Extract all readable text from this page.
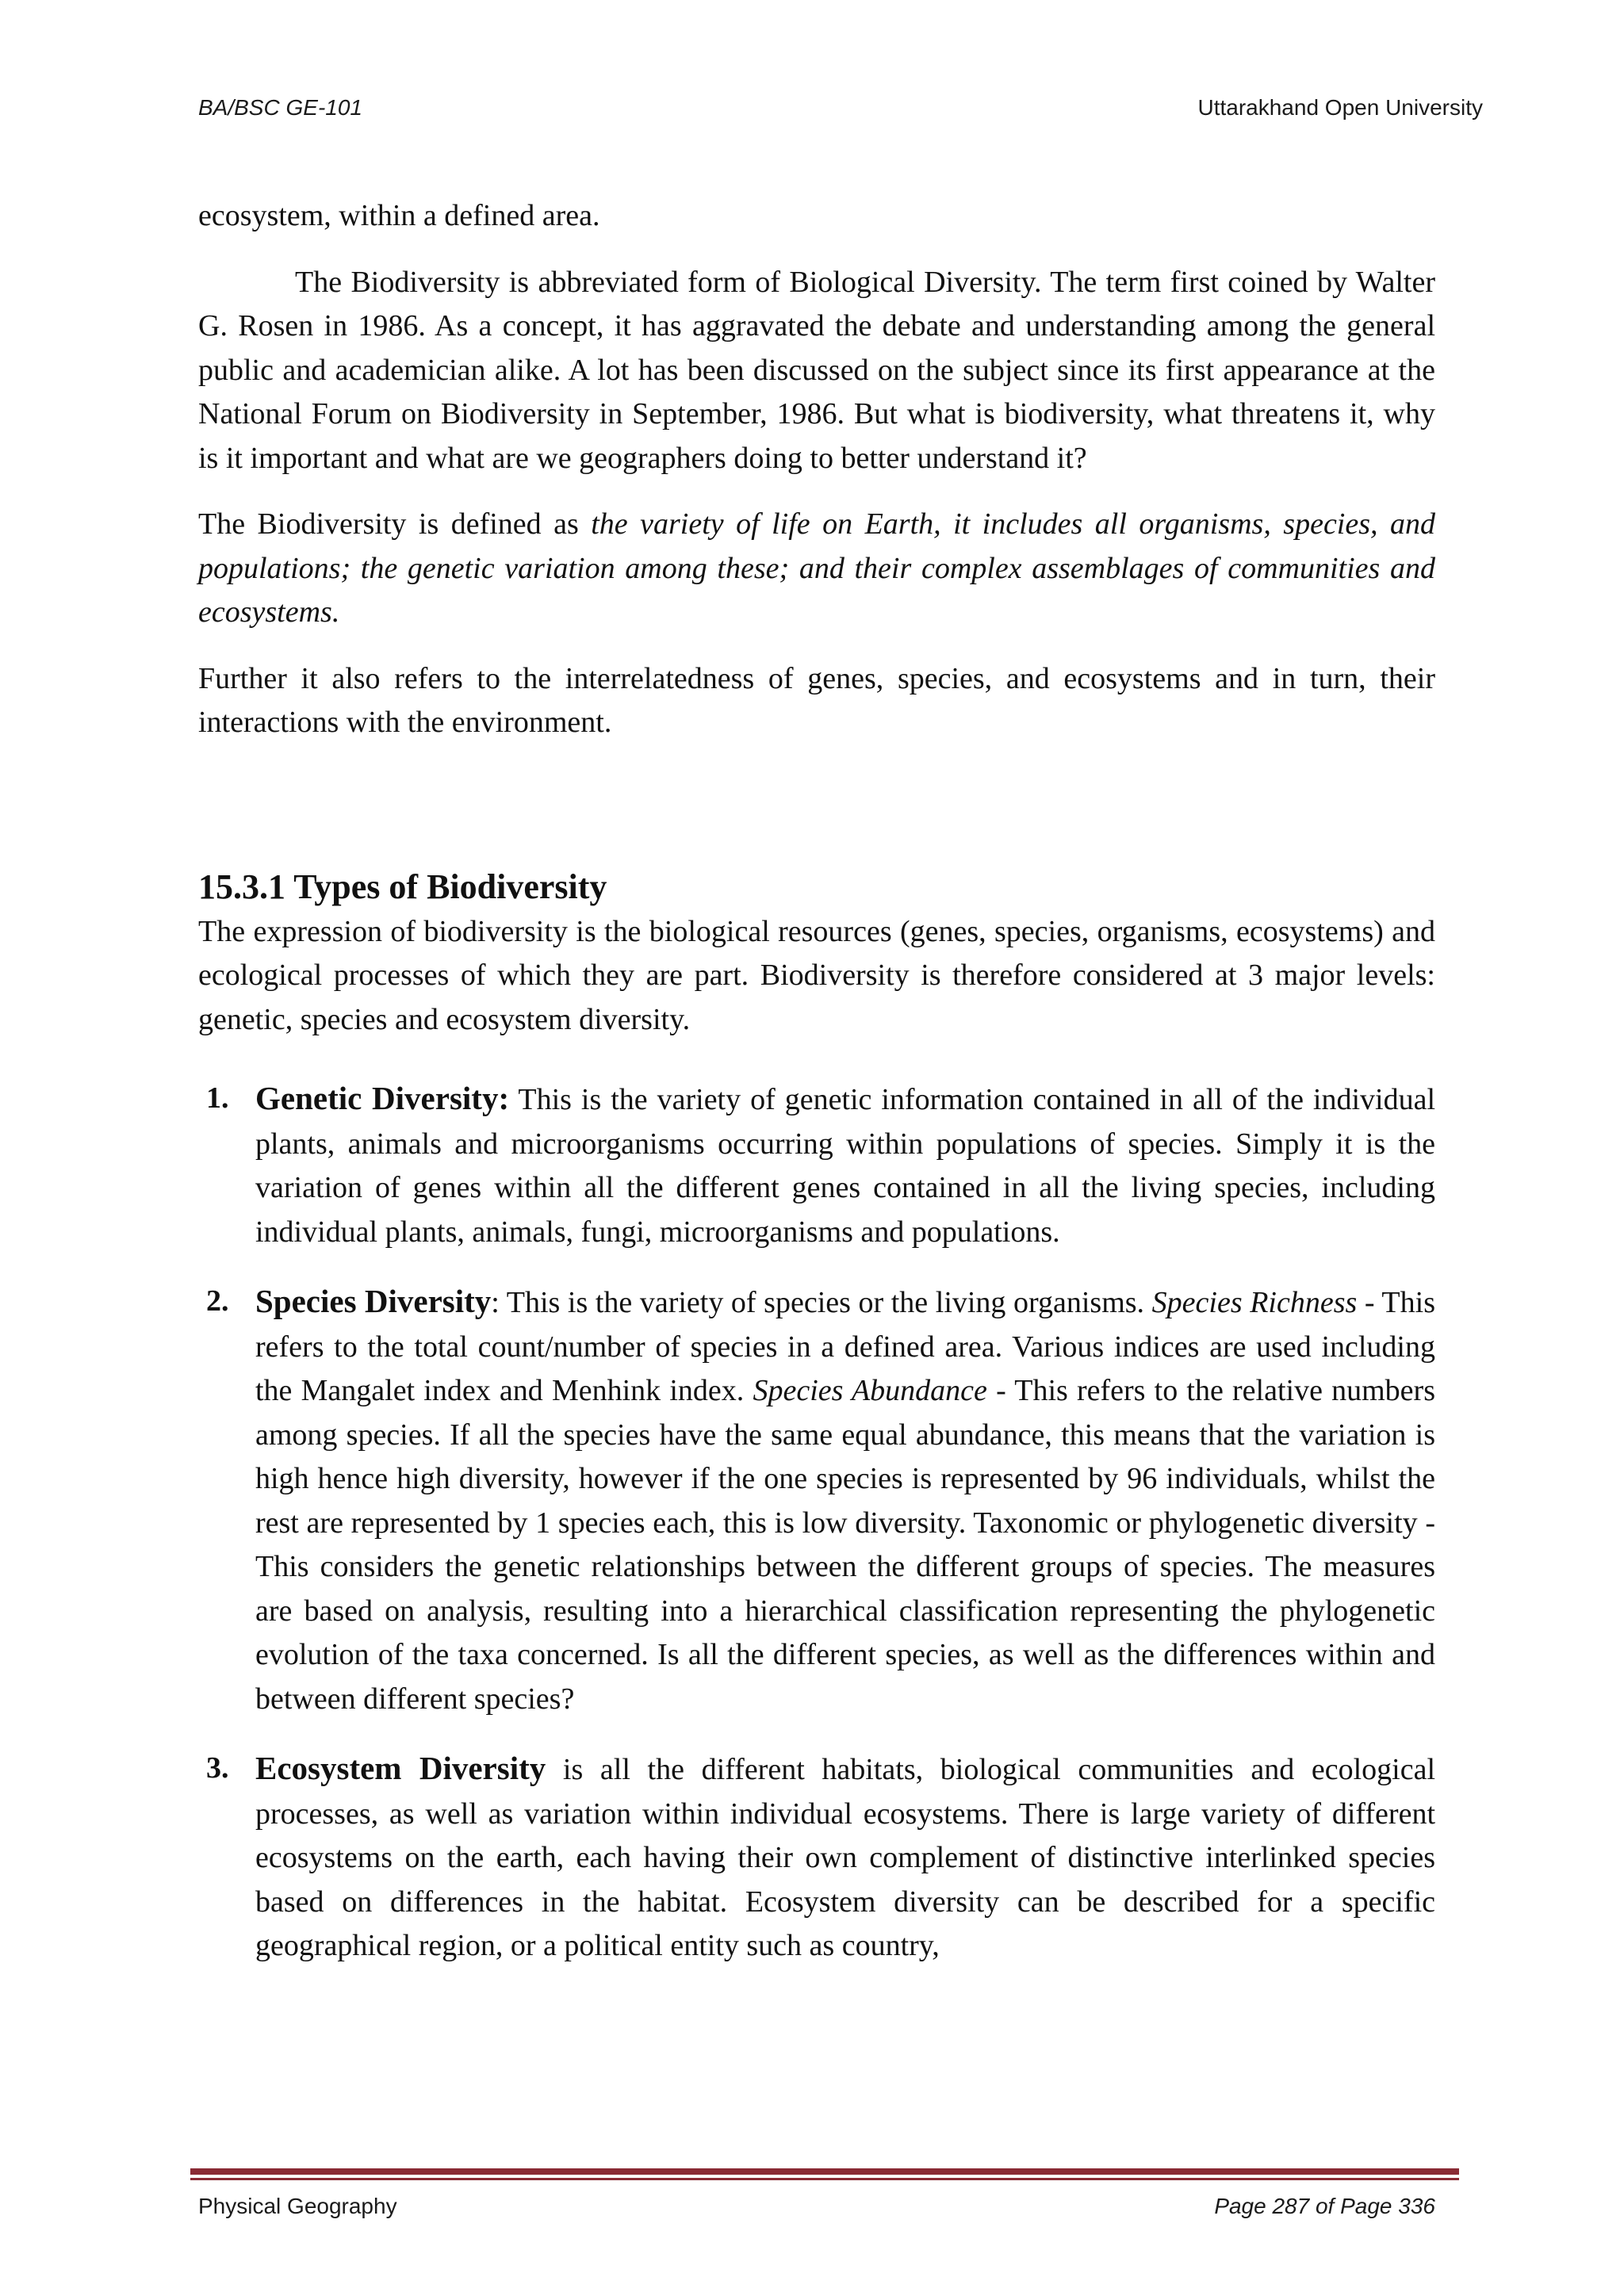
BA/BSC GE-101	Uttarakhand Open University

ecosystem, within a defined area.

The Biodiversity is abbreviated form of Biological Diversity. The term first coined by Walter G. Rosen in 1986. As a concept, it has aggravated the debate and understanding among the general public and academician alike. A lot has been discussed on the subject since its first appearance at the National Forum on Biodiversity in September, 1986. But what is biodiversity, what threatens it, why is it important and what are we geographers doing to better understand it?

The Biodiversity is defined as the variety of life on Earth, it includes all organisms, species, and populations; the genetic variation among these; and their complex assemblages of communities and ecosystems.

Further it also refers to the interrelatedness of genes, species, and ecosystems and in turn, their interactions with the environment.

15.3.1 Types of Biodiversity

The expression of biodiversity is the biological resources (genes, species, organisms, ecosystems) and ecological processes of which they are part. Biodiversity is therefore considered at 3 major levels: genetic, species and ecosystem diversity.

1. Genetic Diversity: This is the variety of genetic information contained in all of the individual plants, animals and microorganisms occurring within populations of species. Simply it is the variation of genes within all the different genes contained in all the living species, including individual plants, animals, fungi, microorganisms and populations.
2. Species Diversity: This is the variety of species or the living organisms. Species Richness - This refers to the total count/number of species in a defined area. Various indices are used including the Mangalet index and Menhink index. Species Abundance - This refers to the relative numbers among species. If all the species have the same equal abundance, this means that the variation is high hence high diversity, however if the one species is represented by 96 individuals, whilst the rest are represented by 1 species each, this is low diversity. Taxonomic or phylogenetic diversity - This considers the genetic relationships between the different groups of species. The measures are based on analysis, resulting into a hierarchical classification representing the phylogenetic evolution of the taxa concerned. Is all the different species, as well as the differences within and between different species?
3. Ecosystem Diversity is all the different habitats, biological communities and ecological processes, as well as variation within individual ecosystems. There is large variety of different ecosystems on the earth, each having their own complement of distinctive interlinked species based on differences in the habitat. Ecosystem diversity can be described for a specific geographical region, or a political entity such as country,
Physical Geography	Page 287 of Page 336
